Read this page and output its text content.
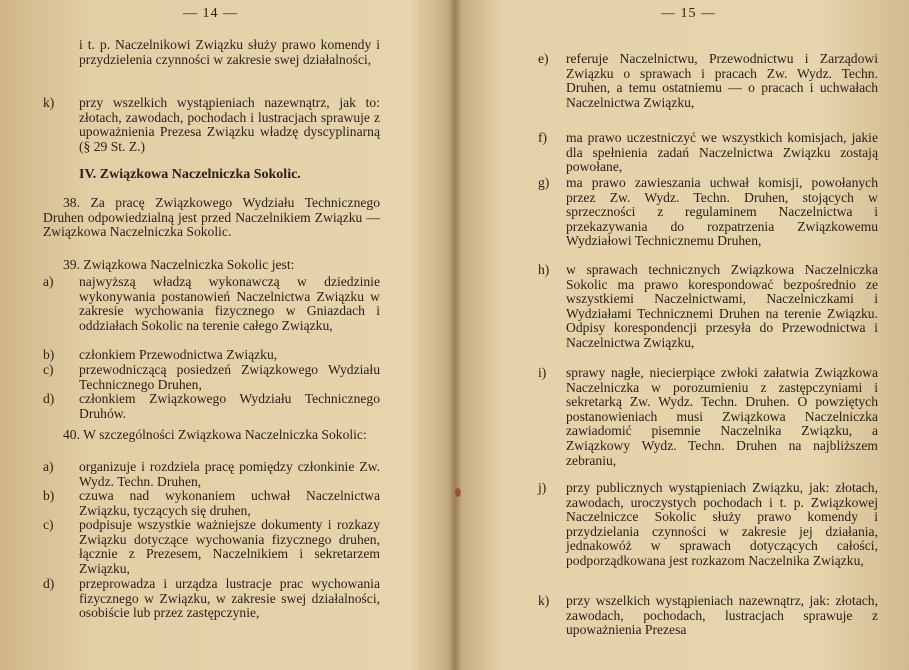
— 14 —
i t. p. Naczelnikowi Związku służy prawo komendy i przydzielenia czynności w zakresie swej działalności,
k) przy wszelkich wystąpieniach nazewnątrz, jak to: złotach, zawodach, pochodach i lustracjach sprawuje z upoważnienia Prezesa Związku władzę dyscyplinarną (§ 29 St. Z.)
IV. Związkowa Naczelniczka Sokolic.
38. Za pracę Związkowego Wydziału Technicznego Druhen odpowiedzialną jest przed Naczelnikiem Związku — Związkowa Naczelniczka Sokolic.
39. Związkowa Naczelniczka Sokolic jest:
a) najwyższą władzą wykonawczą w dziedzinie wykonywania postanowień Naczelnictwa Związku w zakresie wychowania fizycznego w Gniazdach i oddziałach Sokolic na terenie całego Związku,
b) członkiem Przewodnictwa Związku,
c) przewodniczącą posiedzeń Związkowego Wydziału Technicznego Druhen,
d) członkiem Związkowego Wydziału Technicznego Druhów.
40. W szczególności Związkowa Naczelniczka Sokolic:
a) organizuje i rozdziela pracę pomiędzy członkinie Zw. Wydz. Techn. Druhen,
b) czuwa nad wykonaniem uchwał Naczelnictwa Związku, tyczących się druhen,
c) podpisuje wszystkie ważniejsze dokumenty i rozkazy Związku dotyczące wychowania fizycznego druhen, łącznie z Prezesem, Naczelnikiem i sekretarzem Związku,
d) przeprowadza i urządza lustracje prac wychowania fizycznego w Związku, w zakresie swej działalności, osobiście lub przez zastępczynie,
— 15 —
e) referuje Naczelnictwu, Przewodnictwu i Zarządowi Związku o sprawach i pracach Zw. Wydz. Techn. Druhen, a temu ostatniemu — o pracach i uchwałach Naczelnictwa Związku,
f) ma prawo uczestniczyć we wszystkich komisjach, jakie dla spełnienia zadań Naczelnictwa Związku zostają powołane,
g) ma prawo zawieszania uchwał komisji, powołanych przez Zw. Wydz. Techn. Druhen, stojących w sprzeczności z regulaminem Naczelnictwa i przekazywania do rozpatrzenia Związkowemu Wydziałowi Technicznemu Druhen,
h) w sprawach technicznych Związkowa Naczelniczka Sokolic ma prawo korespondować bezpośrednio ze wszystkiemi Naczelnictwami, Naczelniczkami i Wydziałami Technicznemi Druhen na terenie Związku. Odpisy korespondencji przesyła do Przewodnictwa i Naczelnictwa Związku,
i) sprawy nagłe, niecierpiące zwłoki załatwia Związkowa Naczelniczka w porozumieniu z zastępczyniami i sekretarką Zw. Wydz. Techn. Druhen. O powziętych postanowieniach musi Związkowa Naczelniczka zawiadomić pisemnie Naczelnika Związku, a Związkowy Wydz. Techn. Druhen na najbliższem zebraniu,
j) przy publicznych wystąpieniach Związku, jak: złotach, zawodach, uroczystych pochodach i t. p. Związkowej Naczelniczce Sokolic służy prawo komendy i przydzielania czynności w zakresie jej działania, jednakowóż w sprawach dotyczących całości, podporządkowana jest rozkazom Naczelnika Związku,
k) przy wszelkich wystąpieniach nazewnątrz, jak: złotach, zawodach, pochodach, lustracjach sprawuje z upoważnienia Prezesa
